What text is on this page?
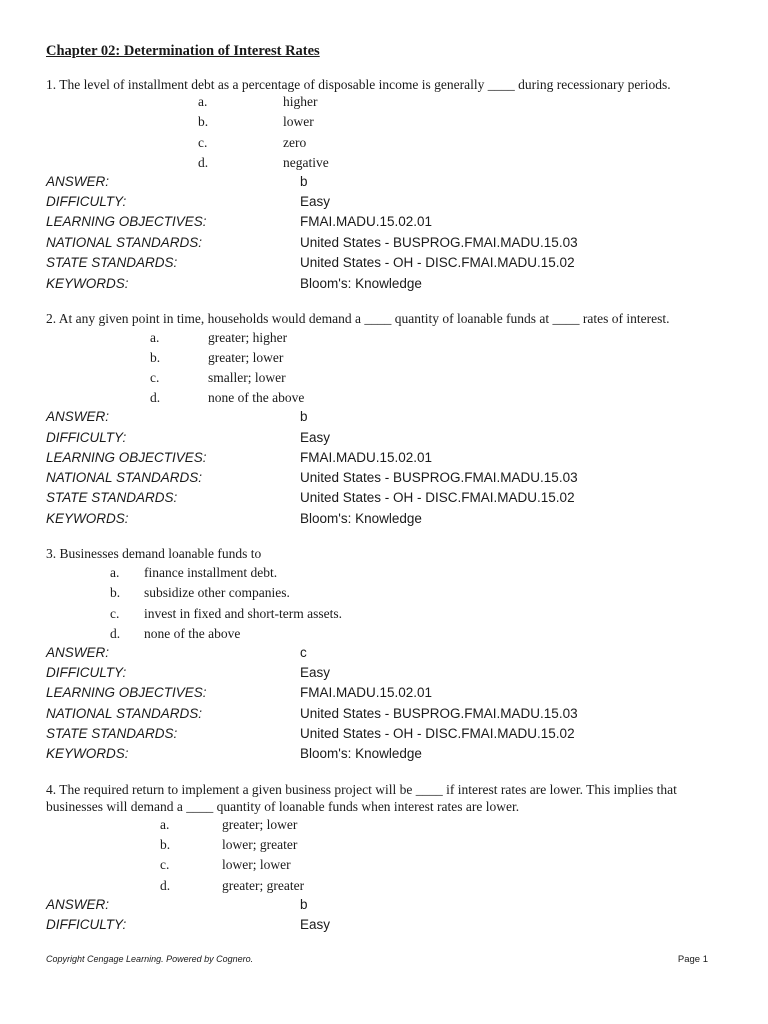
Chapter 02: Determination of Interest Rates
1. The level of installment debt as a percentage of disposable income is generally ____ during recessionary periods.
a.	higher
b.	lower
c.	zero
d.	negative
ANSWER:	b
DIFFICULTY:	Easy
LEARNING OBJECTIVES:	FMAI.MADU.15.02.01
NATIONAL STANDARDS:	United States - BUSPROG.FMAI.MADU.15.03
STATE STANDARDS:	United States - OH - DISC.FMAI.MADU.15.02
KEYWORDS:	Bloom's: Knowledge
2. At any given point in time, households would demand a ____ quantity of loanable funds at ____ rates of interest.
a.	greater; higher
b.	greater; lower
c.	smaller; lower
d.	none of the above
ANSWER:	b
DIFFICULTY:	Easy
LEARNING OBJECTIVES:	FMAI.MADU.15.02.01
NATIONAL STANDARDS:	United States - BUSPROG.FMAI.MADU.15.03
STATE STANDARDS:	United States - OH - DISC.FMAI.MADU.15.02
KEYWORDS:	Bloom's: Knowledge
3. Businesses demand loanable funds to
a. finance installment debt.
b. subsidize other companies.
c. invest in fixed and short-term assets.
d. none of the above
ANSWER:	c
DIFFICULTY:	Easy
LEARNING OBJECTIVES:	FMAI.MADU.15.02.01
NATIONAL STANDARDS:	United States - BUSPROG.FMAI.MADU.15.03
STATE STANDARDS:	United States - OH - DISC.FMAI.MADU.15.02
KEYWORDS:	Bloom's: Knowledge
4. The required return to implement a given business project will be ____ if interest rates are lower. This implies that businesses will demand a ____ quantity of loanable funds when interest rates are lower.
a.	greater; lower
b.	lower; greater
c.	lower; lower
d.	greater; greater
ANSWER:	b
DIFFICULTY:	Easy
Copyright Cengage Learning. Powered by Cognero.	Page 1
